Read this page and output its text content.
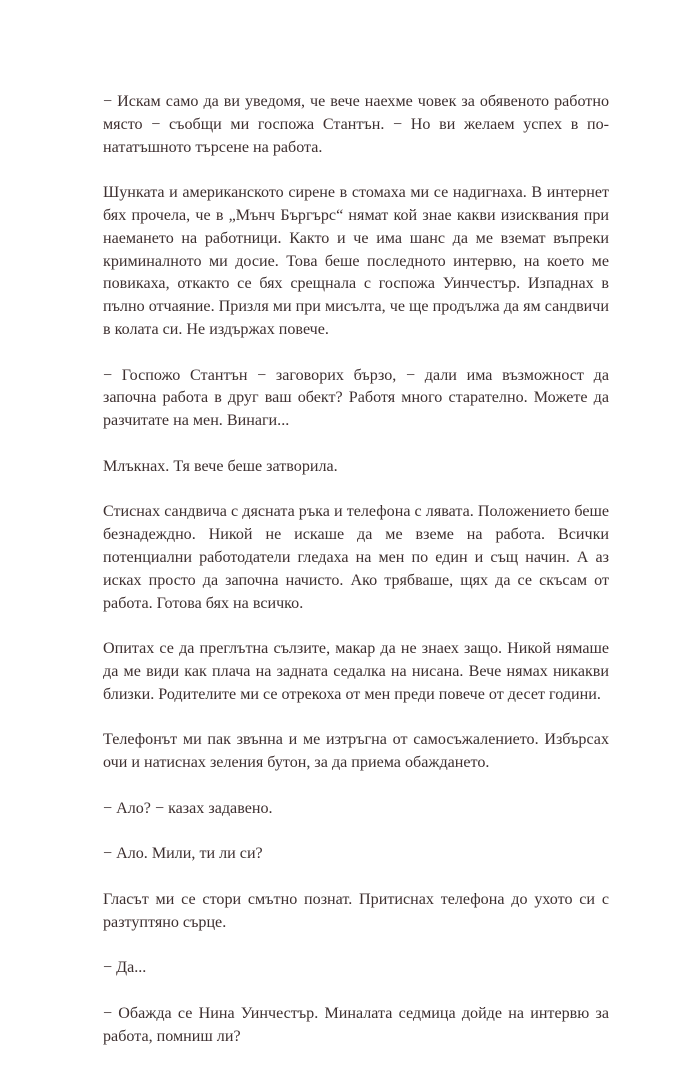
− Искам само да ви уведомя, че вече наехме човек за обявеното работно място − съобщи ми госпожа Стантън. − Но ви желаем успех в по-нататъшното търсене на работа.

Шунката и американското сирене в стомаха ми се надигнаха. В интернет бях прочела, че в „Мънч Бъргърс“ нямат кой знае какви изисквания при наемането на работници. Както и че има шанс да ме вземат въпреки криминалното ми досие. Това беше последното интервю, на което ме повикаха, откакто се бях срещнала с госпожа Уинчестър. Изпаднах в пълно отчаяние. Призля ми при мисълта, че ще продължа да ям сандвичи в колата си. Не издържах повече.

− Госпожо Стантън − заговорих бързо, − дали има възможност да започна работа в друг ваш обект? Работя много старателно. Можете да разчитате на мен. Винаги...

Млъкнах. Тя вече беше затворила.

Стиснах сандвича с дясната ръка и телефона с лявата. Положението беше безнадеждно. Никой не искаше да ме вземе на работа. Всички потенциални работодатели гледаха на мен по един и същ начин. А аз исках просто да започна начисто. Ако трябваше, щях да се скъсам от работа. Готова бях на всичко.

Опитах се да преглътна сълзите, макар да не знаех защо. Никой нямаше да ме види как плача на задната седалка на нисана. Вече нямах никакви близки. Родителите ми се отрекоха от мен преди повече от десет години.

Телефонът ми пак звънна и ме изтръгна от самосъжалението. Избърсах очи и натиснах зеления бутон, за да приема обаждането.

− Ало? − казах задавено.

− Ало. Мили, ти ли си?

Гласът ми се стори смътно познат. Притиснах телефона до ухото си с разтуптяно сърце.

− Да...

− Обажда се Нина Уинчестър. Миналата седмица дойде на интервю за работа, помниш ли?
